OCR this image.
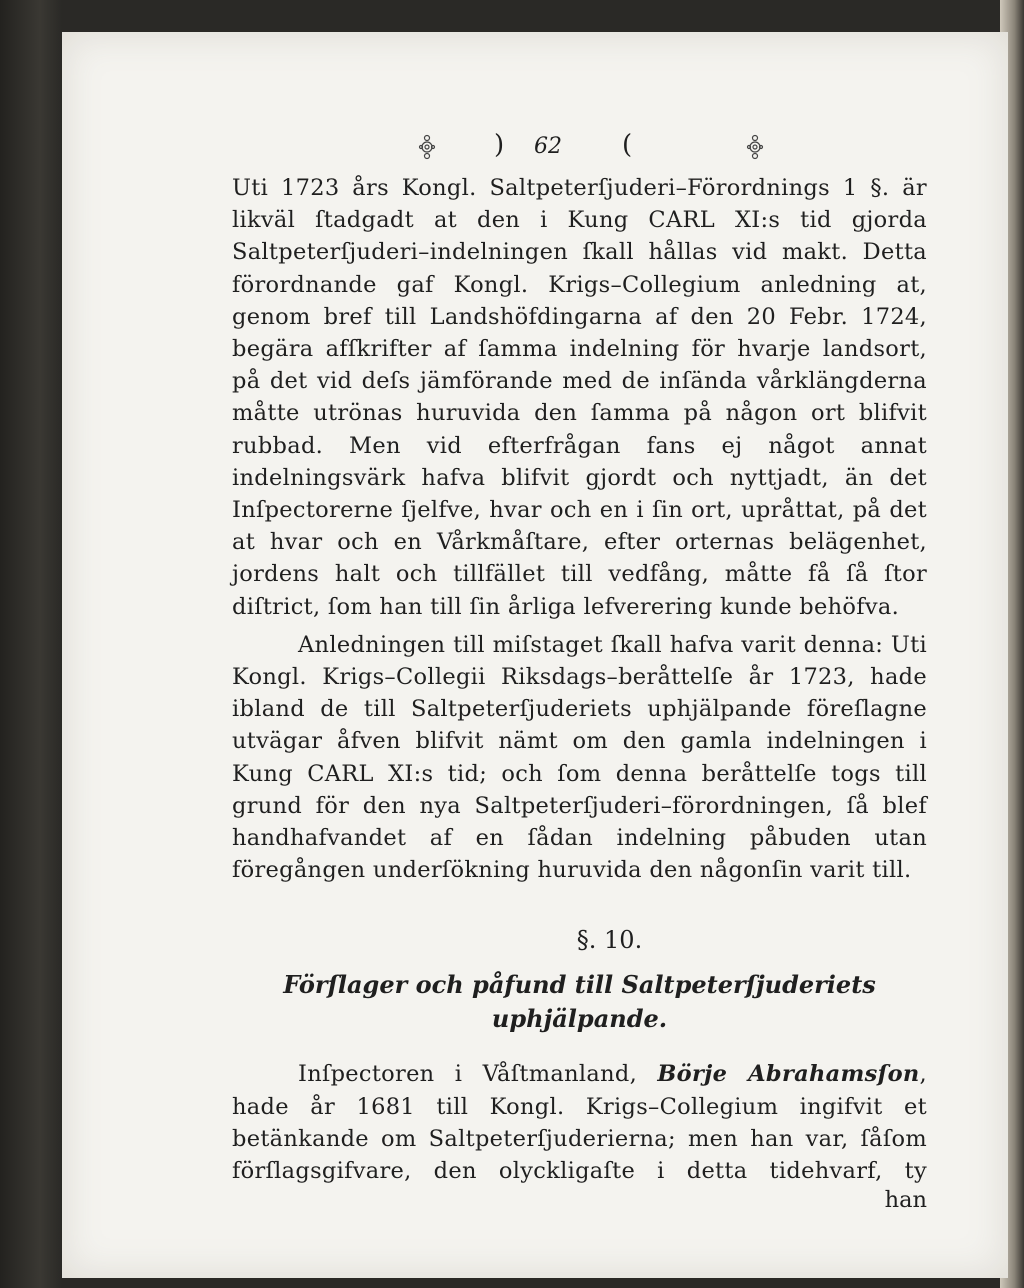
) 62 (

Uti 1723 års Kongl. Saltpeterſjuderi–Förordnings 1 §. är likväl ſtadgadt at den i Kung CARL XI:s tid gjorda Saltpeterſjuderi–indelningen ſkall hållas vid makt. Detta förordnande gaf Kongl. Krigs–Collegium anledning at, genom bref till Landshöfdingarna af den 20 Febr. 1724, begära afſkrifter af ſamma indelning för hvarje landsort, på det vid deſs jämförande med de inſända vårklängderna måtte utrönas huruvida den ſamma på någon ort blifvit rubbad. Men vid efterfrågan fans ej något annat indelningsvärk hafva blifvit gjordt och nyttjadt, än det Inſpectorerne ſjelfve, hvar och en i ſin ort, upråttat, på det at hvar och en Vårkmåſtare, efter orternas belägenhet, jordens halt och tillfället till vedfång, måtte få ſå ſtor diſtrict, ſom han till ſin årliga lefverering kunde behöfva.

Anledningen till miſstaget ſkall hafva varit denna: Uti Kongl. Krigs–Collegii Riksdags–beråttelſe år 1723, hade ibland de till Saltpeterſjuderiets uphjälpande föreſlagne utvägar åfven blifvit nämt om den gamla indelningen i Kung CARL XI:s tid; och ſom denna beråttelſe togs till grund för den nya Saltpeterſjuderi–förordningen, ſå blef handhafvandet af en ſådan indelning påbuden utan föregången underſökning huruvida den någonſin varit till.

§. 10.
Förſlager och påfund till Saltpeterſjuderiets
uphjälpande.

Inſpectoren i Våſtmanland, Börje Abrahamsſon, hade år 1681 till Kongl. Krigs–Collegium ingifvit et betänkande om Saltpeterſjuderierna; men han var, ſåſom förſlagsgifvare, den olyckligaſte i detta tidehvarf, ty

han
